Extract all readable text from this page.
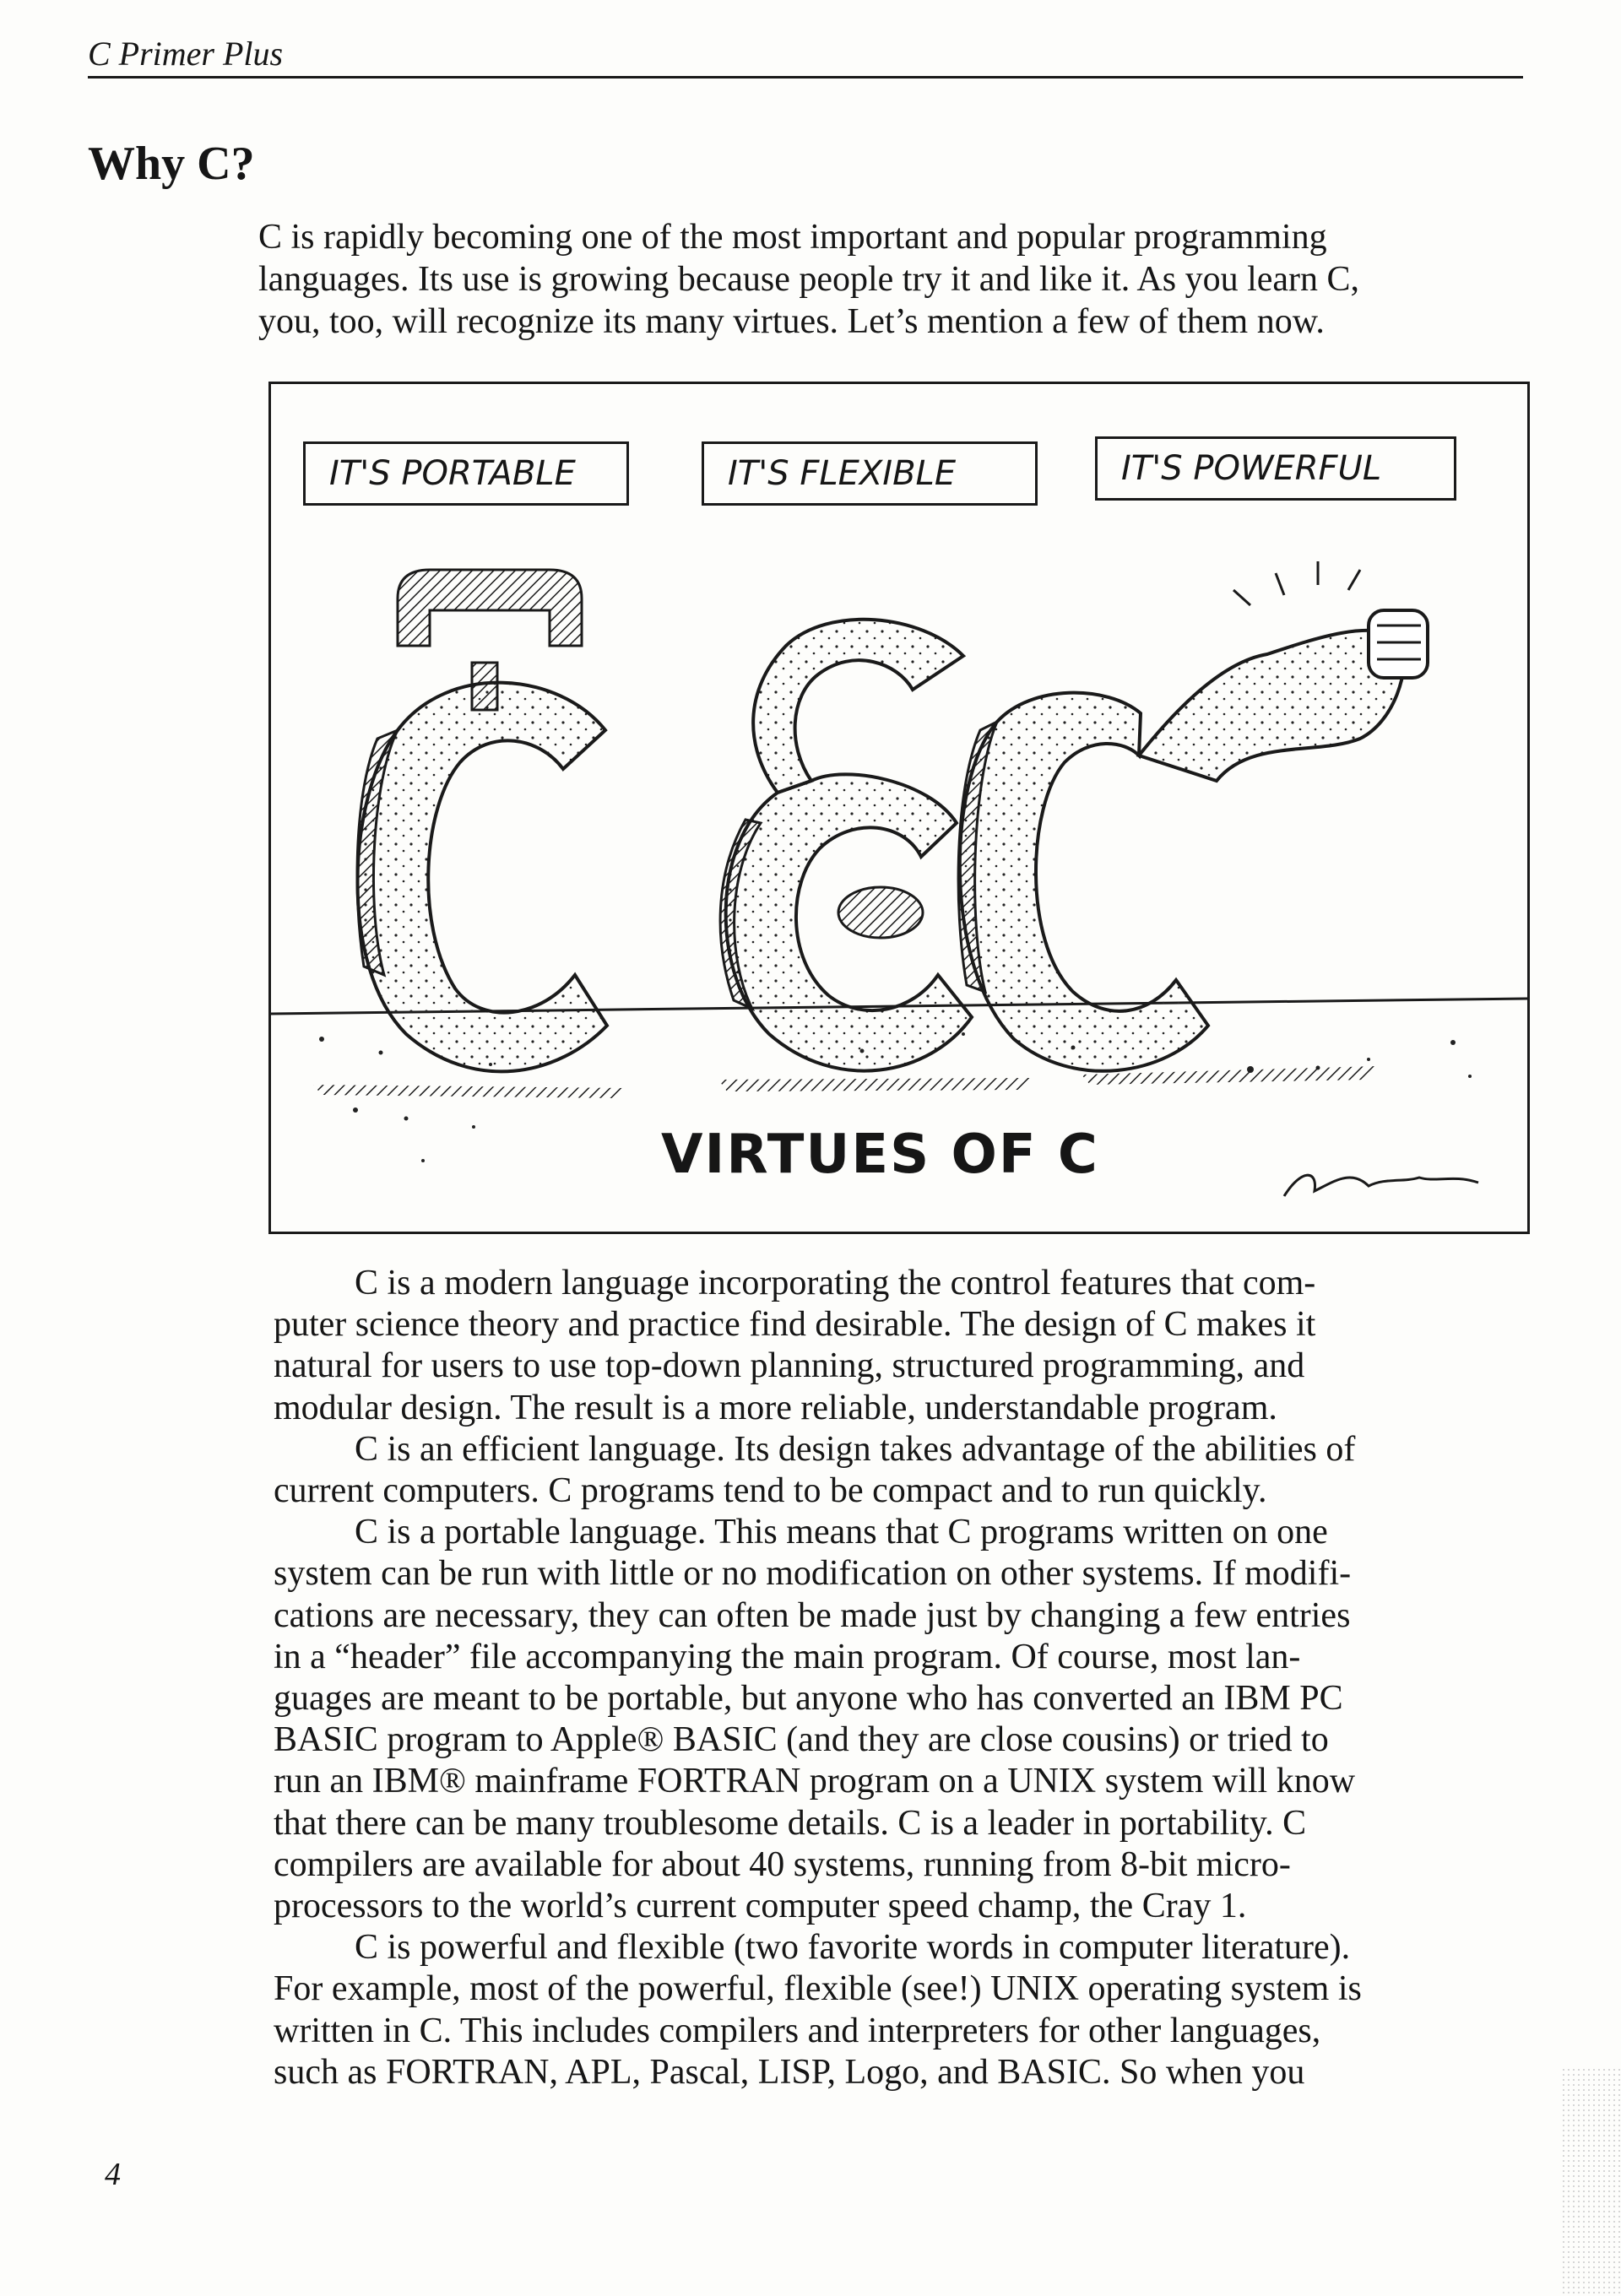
C Primer Plus
Why C?

C is rapidly becoming one of the most important and popular programming
languages. Its use is growing because people try it and like it. As you learn C,
you, too, will recognize its many virtues. Let’s mention a few of them now.

IT'S PORTABLE	IT'S FLEXIBLE	IT'S POWERFUL
VIRTUES OF C

C is a modern language incorporating the control features that com-
puter science theory and practice find desirable. The design of C makes it
natural for users to use top-down planning, structured programming, and
modular design. The result is a more reliable, understandable program.
C is an efficient language. Its design takes advantage of the abilities of
current computers. C programs tend to be compact and to run quickly.
C is a portable language. This means that C programs written on one
system can be run with little or no modification on other systems. If modifi-
cations are necessary, they can often be made just by changing a few entries
in a “header” file accompanying the main program. Of course, most lan-
guages are meant to be portable, but anyone who has converted an IBM PC
BASIC program to Apple® BASIC (and they are close cousins) or tried to
run an IBM® mainframe FORTRAN program on a UNIX system will know
that there can be many troublesome details. C is a leader in portability. C
compilers are available for about 40 systems, running from 8-bit micro-
processors to the world’s current computer speed champ, the Cray 1.
C is powerful and flexible (two favorite words in computer literature).
For example, most of the powerful, flexible (see!) UNIX operating system is
written in C. This includes compilers and interpreters for other languages,
such as FORTRAN, APL, Pascal, LISP, Logo, and BASIC. So when you

4
